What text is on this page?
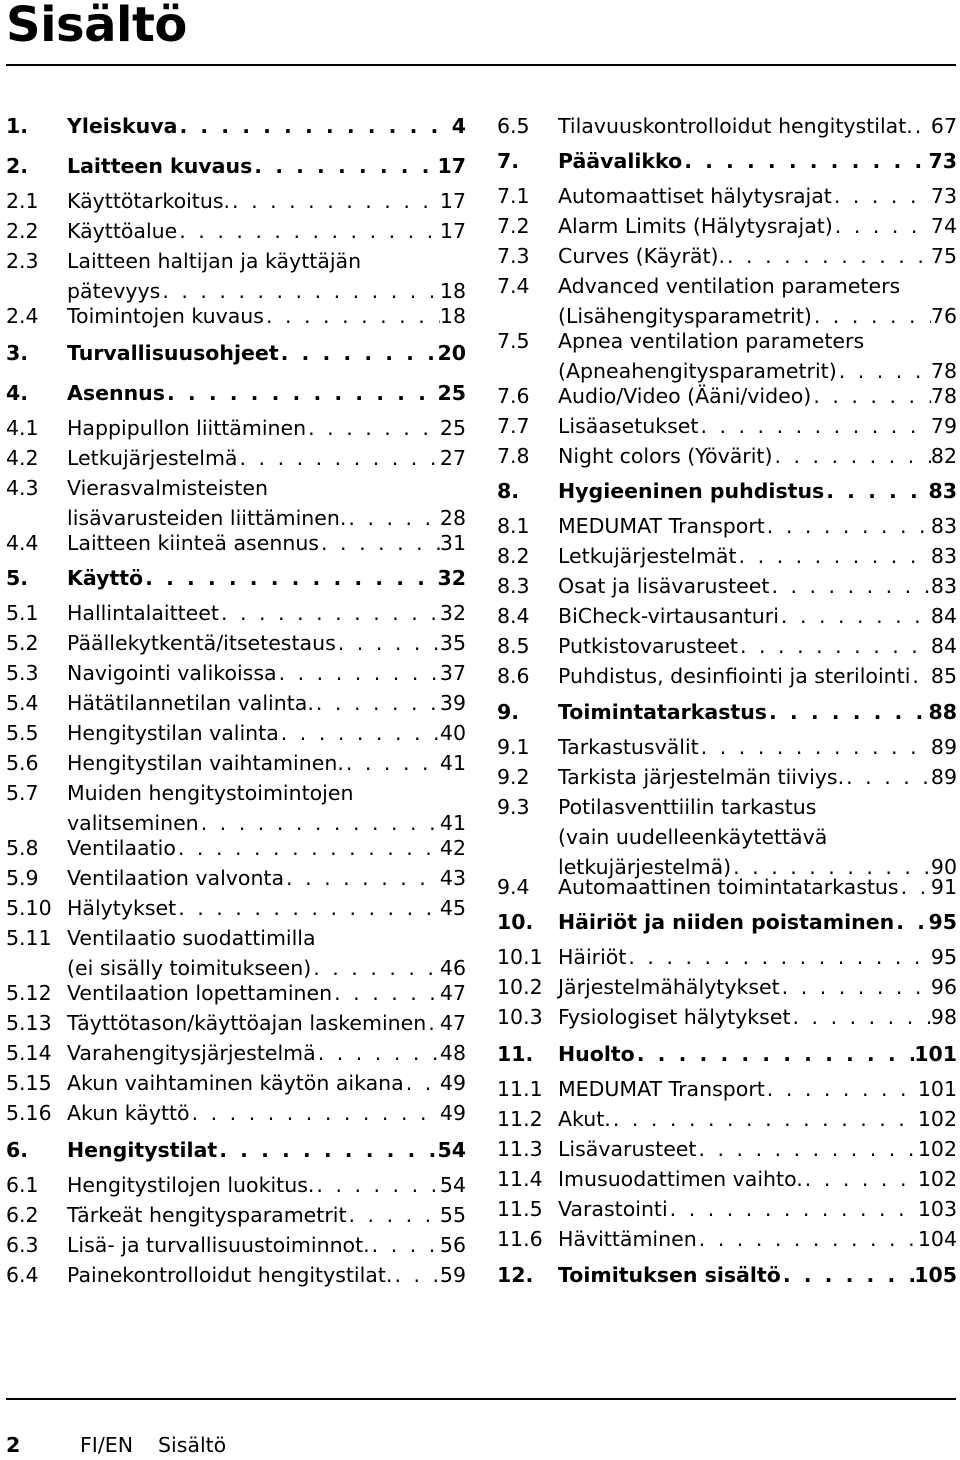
Sisältö
1.	Yleiskuva . . .	4
2.	Laitteen kuvaus . . .	17
2.1	Käyttötarkoitus. . . .	17
2.2	Käyttöalue . . .	17
2.3	Laitteen haltijan ja käyttäjän
pätevyys . . .	18
2.4	Toimintojen kuvaus . . .	18
3.	Turvallisuusohjeet . . .	20
4.	Asennus . . .	25
4.1	Happipullon liittäminen . . .	25
4.2	Letkujärjestelmä . . .	27
4.3	Vierasvalmisteisten
lisävarusteiden liittäminen. . . .	28
4.4	Laitteen kiinteä asennus . . .	31
5.	Käyttö . . .	32
5.1	Hallintalaitteet . . .	32
5.2	Päällekytkentä/itsetestaus . . .	35
5.3	Navigointi valikoissa . . .	37
5.4	Hätätilannetilan valinta. . . .	39
5.5	Hengitystilan valinta . . .	40
5.6	Hengitystilan vaihtaminen. . . .	41
5.7	Muiden hengitystoimintojen
valitseminen . . .	41
5.8	Ventilaatio . . .	42
5.9	Ventilaation valvonta . . .	43
5.10 Hälytykset . . .	45
5.11 Ventilaatio suodattimilla
(ei sisälly toimitukseen) . . .	46
5.12 Ventilaation lopettaminen . . .	47
5.13 Täyttötason/käyttöajan laskeminen . . . 47
5.14 Varahengitysjärjestelmä . . .	48
5.15 Akun vaihtaminen käytön aikana . . . 49
5.16 Akun käyttö . . .	49
6.	Hengitystilat . . .	54
6.1	Hengitystilojen luokitus. . . .	54
6.2	Tärkeät hengitysparametrit . . .	55
6.3	Lisä- ja turvallisuustoiminnot. . . .	56
6.4	Painekontrolloidut hengitystilat. . . . 59
6.5	Tilavuuskontrolloidut hengitystilat. . . . 67
7.	Päävalikko . . .	73
7.1	Automaattiset hälytysrajat . . .	73
7.2	Alarm Limits (Hälytysrajat) . . .	74
7.3	Curves (Käyrät). . . .	75
7.4	Advanced ventilation parameters
(Lisähengitysparametrit) . . .	76
7.5	Apnea ventilation parameters
(Apneahengitysparametrit) . . .	78
7.6	Audio/Video (Ääni/video) . . .	78
7.7	Lisäasetukset . . .	79
7.8	Night colors (Yövärit) . . .	82
8.	Hygieeninen puhdistus . . .	83
8.1	MEDUMAT Transport . . .	83
8.2	Letkujärjestelmät . . .	83
8.3	Osat ja lisävarusteet . . .	83
8.4	BiCheck-virtausanturi . . .	84
8.5	Putkistovarusteet . . .	84
8.6	Puhdistus, desinfiointi ja sterilointi . . . 85
9.	Toimintatarkastus . . .	88
9.1	Tarkastusvälit . . .	89
9.2	Tarkista järjestelmän tiiviys. . . .	89
9.3	Potilasventtiilin tarkastus
(vain uudelleenkäytettävä
letkujärjestelmä) . . .	90
9.4	Automaattinen toimintatarkastus . . . 91
10.	Häiriöt ja niiden poistaminen . . . 95
10.1 Häiriöt . . .	95
10.2 Järjestelmähälytykset . . .	96
10.3 Fysiologiset hälytykset . . .	98
11.	Huolto . . .	101
11.1 MEDUMAT Transport . . .	101
11.2 Akut. . . .	102
11.3 Lisävarusteet . . .	102
11.4 Imusuodattimen vaihto. . . .	102
11.5 Varastointi . . .	103
11.6 Hävittäminen . . .	104
12.	Toimituksen sisältö . . .	105
2	FI/EN	Sisältö
